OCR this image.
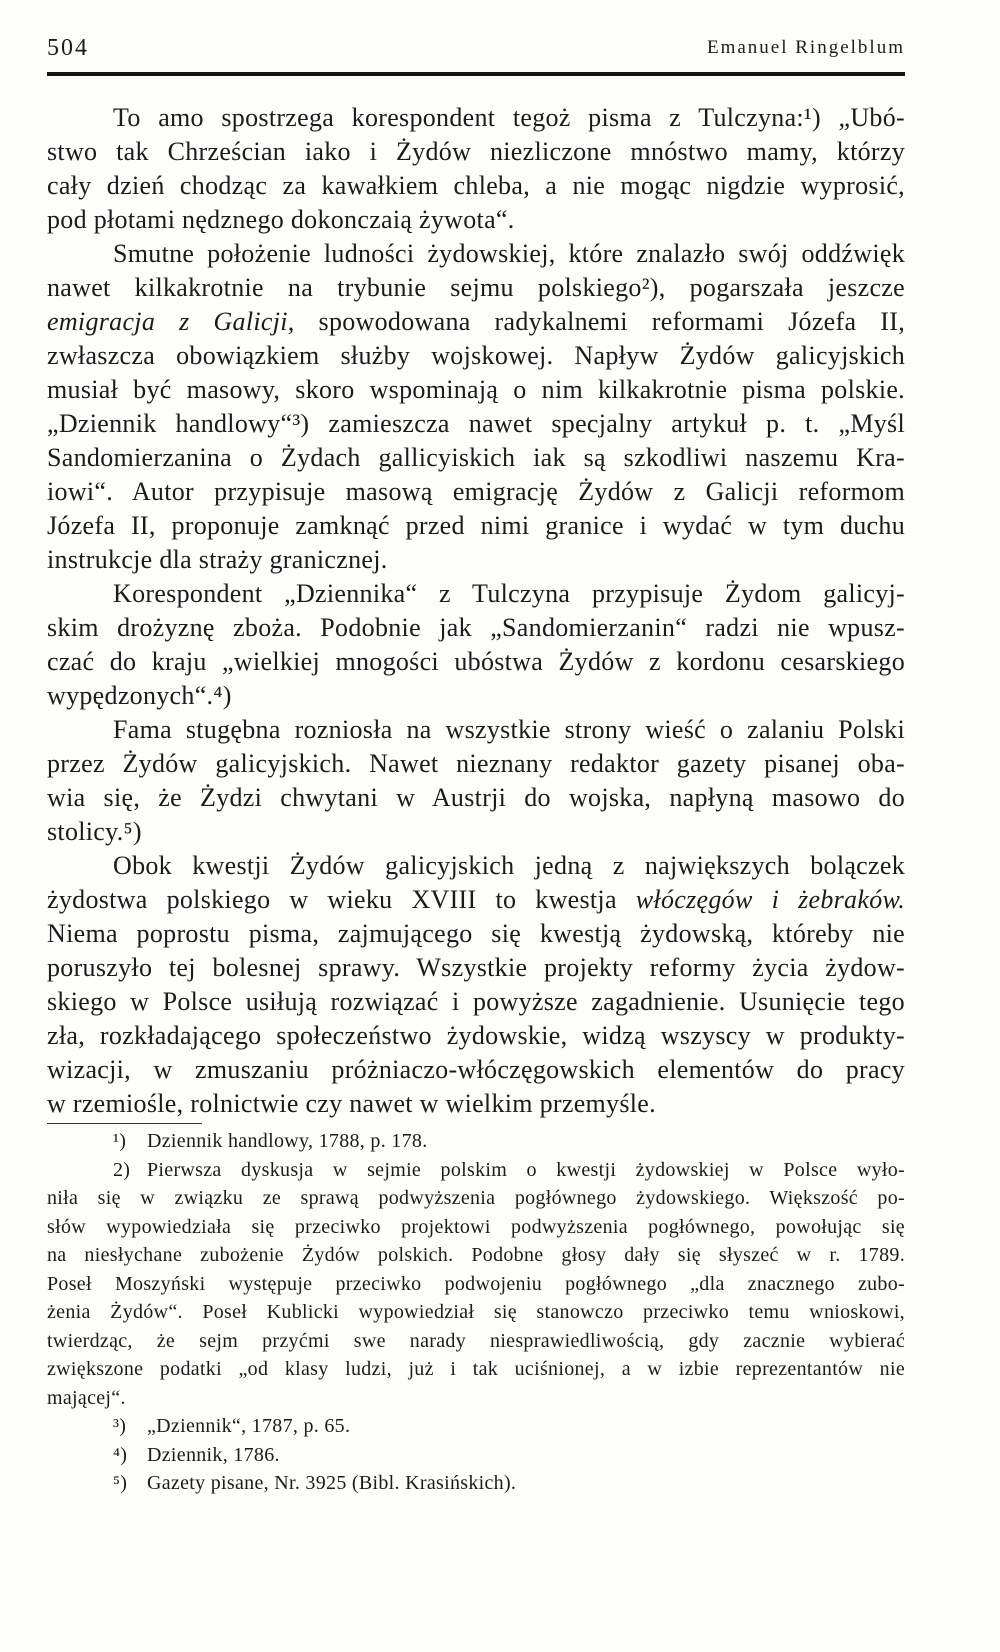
504	Emanuel Ringelblum
To amo spostrzega korespondent tegoż pisma z Tulczyna:¹) „Ubó-
stwo tak Chrześcian iako i Żydów niezliczone mnóstwo mamy, którzy
cały dzień chodząc za kawałkiem chleba, a nie mogąc nigdzie wyprosić,
pod płotami nędznego dokonczaią żywota“.
Smutne położenie ludności żydowskiej, które znalazło swój oddźwięk
nawet kilkakrotnie na trybunie sejmu polskiego²), pogarszała jeszcze
emigracja z Galicji, spowodowana radykalnemi reformami Józefa II,
zwłaszcza obowiązkiem służby wojskowej. Napływ Żydów galicyjskich
musiał być masowy, skoro wspominają o nim kilkakrotnie pisma polskie.
„Dziennik handlowy“³) zamieszcza nawet specjalny artykuł p. t. „Myśl
Sandomierzanina o Żydach gallicyiskich iak są szkodliwi naszemu Kra-
iowi“. Autor przypisuje masową emigrację Żydów z Galicji reformom
Józefa II, proponuje zamknąć przed nimi granice i wydać w tym duchu
instrukcje dla straży granicznej.
Korespondent „Dziennika“ z Tulczyna przypisuje Żydom galicyj-
skim drożyznę zboża. Podobnie jak „Sandomierzanin“ radzi nie wpusz-
czać do kraju „wielkiej mnogości ubóstwa Żydów z kordonu cesarskiego
wypędzonych“.⁴)
Fama stugębna rozniosła na wszystkie strony wieść o zalaniu Polski
przez Żydów galicyjskich. Nawet nieznany redaktor gazety pisanej oba-
wia się, że Żydzi chwytani w Austrji do wojska, napłyną masowo do
stolicy.⁵)
Obok kwestji Żydów galicyjskich jedną z największych bolączek
żydostwa polskiego w wieku XVIII to kwestja włóczęgów i żebraków.
Niema poprostu pisma, zajmującego się kwestją żydowską, któreby nie
poruszyło tej bolesnej sprawy. Wszystkie projekty reformy życia żydow-
skiego w Polsce usiłują rozwiązać i powyższe zagadnienie. Usunięcie tego
zła, rozkładającego społeczeństwo żydowskie, widzą wszyscy w produkty-
wizacji, w zmuszaniu próżniaczo-włóczęgowskich elementów do pracy
w rzemiośle, rolnictwie czy nawet w wielkim przemyśle.
¹)	Dziennik handlowy, 1788, p. 178.
2) Pierwsza dyskusja w sejmie polskim o kwestji żydowskiej w Polsce wyło-
niła się w związku ze sprawą podwyższenia pogłównego żydowskiego. Większość po-
słów wypowiedziała się przeciwko projektowi podwyższenia pogłównego, powołując się
na niesłychane zubożenie Żydów polskich. Podobne głosy dały się słyszeć w r. 1789.
Poseł Moszyński występuje przeciwko podwojeniu pogłównego „dla znacznego zubo-
żenia Żydów“. Poseł Kublicki wypowiedział się stanowczo przeciwko temu wnioskowi,
twierdząc, że sejm przyćmi swe narady niesprawiedliwością, gdy zacznie wybierać
zwiększone podatki „od klasy ludzi, już i tak uciśnionej, a w izbie reprezentantów nie
mającej“.
³)	„Dziennik“, 1787, p. 65.
⁴) Dziennik, 1786.
⁵) Gazety pisane, Nr. 3925 (Bibl. Krasińskich).
